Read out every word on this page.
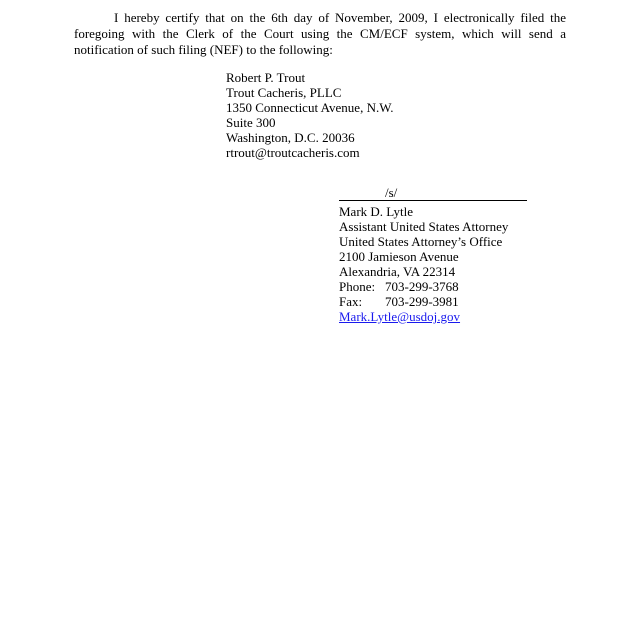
I hereby certify that on the 6th day of November, 2009, I electronically filed the foregoing with the Clerk of the Court using the CM/ECF system, which will send a notification of such filing (NEF) to the following:

Robert P. Trout
Trout Cacheris, PLLC
1350 Connecticut Avenue, N.W.
Suite 300
Washington, D.C. 20036
rtrout@troutcacheris.com
/s/
Mark D. Lytle
Assistant United States Attorney
United States Attorney’s Office
2100 Jamieson Avenue
Alexandria, VA 22314
Phone: 703-299-3768
Fax:	703-299-3981
Mark.Lytle@usdoj.gov
